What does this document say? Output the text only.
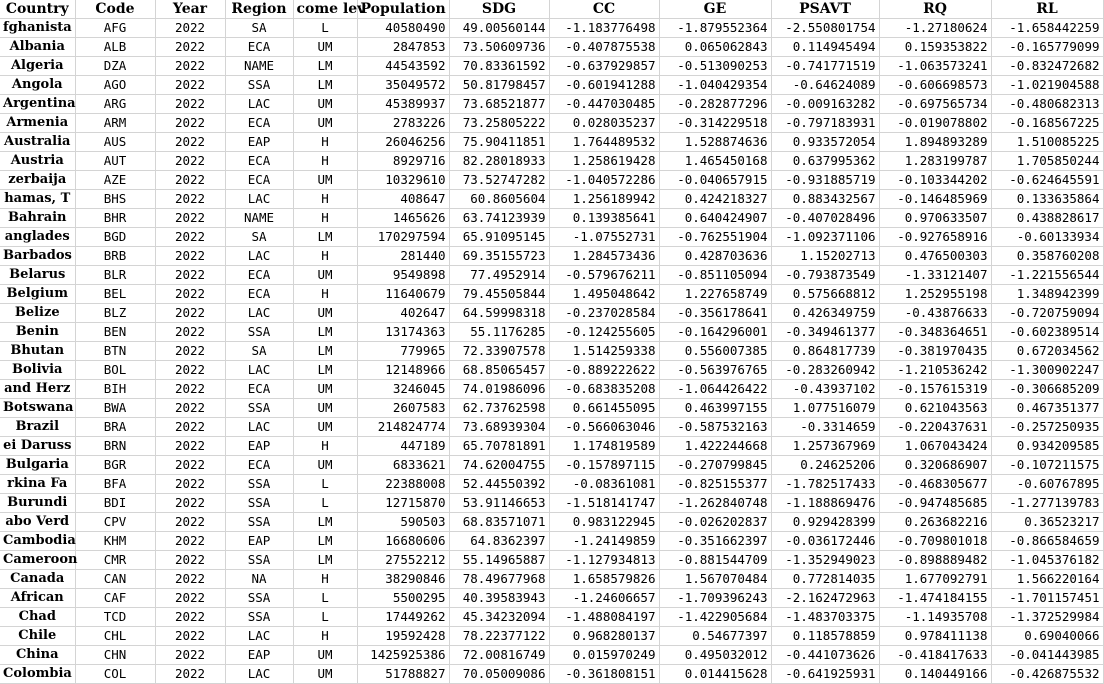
Country	Code	Year	Region	come lev	Population	SDG	CC	GE	PSAVT	RQ	RL
fghanista	AFG	2022	SA	L	40580490	49.00560144	-1.183776498	-1.879552364	-2.550801754	-1.27180624	-1.658442259
Albania	ALB	2022	ECA	UM	2847853	73.50609736	-0.407875538	0.065062843	0.114945494	0.159353822	-0.165779099
Algeria	DZA	2022	NAME	LM	44543592	70.83361592	-0.637929857	-0.513090253	-0.741771519	-1.063573241	-0.832472682
Angola	AGO	2022	SSA	LM	35049572	50.81798457	-0.601941288	-1.040429354	-0.64624089	-0.606698573	-1.021904588
Argentina	ARG	2022	LAC	UM	45389937	73.68521877	-0.447030485	-0.282877296	-0.009163282	-0.697565734	-0.480682313
Armenia	ARM	2022	ECA	UM	2783226	73.25805222	0.028035237	-0.314229518	-0.797183931	-0.019078802	-0.168567225
Australia	AUS	2022	EAP	H	26046256	75.90411851	1.764489532	1.528874636	0.933572054	1.894893289	1.510085225
Austria	AUT	2022	ECA	H	8929716	82.28018933	1.258619428	1.465450168	0.637995362	1.283199787	1.705850244
zerbaija	AZE	2022	ECA	UM	10329610	73.52747282	-1.040572286	-0.040657915	-0.931885719	-0.103344202	-0.624645591
hamas, T	BHS	2022	LAC	H	408647	60.8605604	1.256189942	0.424218327	0.883432567	-0.146485969	0.133635864
Bahrain	BHR	2022	NAME	H	1465626	63.74123939	0.139385641	0.640424907	-0.407028496	0.970633507	0.438828617
anglades	BGD	2022	SA	LM	170297594	65.91095145	-1.07552731	-0.762551904	-1.092371106	-0.927658916	-0.60133934
Barbados	BRB	2022	LAC	H	281440	69.35155723	1.284573436	0.428703636	1.15202713	0.476500303	0.358760208
Belarus	BLR	2022	ECA	UM	9549898	77.4952914	-0.579676211	-0.851105094	-0.793873549	-1.33121407	-1.221556544
Belgium	BEL	2022	ECA	H	11640679	79.45505844	1.495048642	1.227658749	0.575668812	1.252955198	1.348942399
Belize	BLZ	2022	LAC	UM	402647	64.59998318	-0.237028584	-0.356178641	0.426349759	-0.43876633	-0.720759094
Benin	BEN	2022	SSA	LM	13174363	55.1176285	-0.124255605	-0.164296001	-0.349461377	-0.348364651	-0.602389514
Bhutan	BTN	2022	SA	LM	779965	72.33907578	1.514259338	0.556007385	0.864817739	-0.381970435	0.672034562
Bolivia	BOL	2022	LAC	LM	12148966	68.85065457	-0.889222622	-0.563976765	-0.283260942	-1.210536242	-1.300902247
and Herz	BIH	2022	ECA	UM	3246045	74.01986096	-0.683835208	-1.064426422	-0.43937102	-0.157615319	-0.306685209
Botswana	BWA	2022	SSA	UM	2607583	62.73762598	0.661455095	0.463997155	1.077516079	0.621043563	0.467351377
Brazil	BRA	2022	LAC	UM	214824774	73.68939304	-0.566063046	-0.587532163	-0.3314659	-0.220437631	-0.257250935
ei Daruss	BRN	2022	EAP	H	447189	65.70781891	1.174819589	1.422244668	1.257367969	1.067043424	0.934209585
Bulgaria	BGR	2022	ECA	UM	6833621	74.62004755	-0.157897115	-0.270799845	0.24625206	0.320686907	-0.107211575
rkina Fa	BFA	2022	SSA	L	22388008	52.44550392	-0.08361081	-0.825155377	-1.782517433	-0.468305677	-0.60767895
Burundi	BDI	2022	SSA	L	12715870	53.91146653	-1.518141747	-1.262840748	-1.188869476	-0.947485685	-1.277139783
abo Verd	CPV	2022	SSA	LM	590503	68.83571071	0.983122945	-0.026202837	0.929428399	0.263682216	0.36523217
Cambodia	KHM	2022	EAP	LM	16680606	64.8362397	-1.24149859	-0.351662397	-0.036172446	-0.709801018	-0.866584659
Cameroon	CMR	2022	SSA	LM	27552212	55.14965887	-1.127934813	-0.881544709	-1.352949023	-0.898889482	-1.045376182
Canada	CAN	2022	NA	H	38290846	78.49677968	1.658579826	1.567070484	0.772814035	1.677092791	1.566220164
African	CAF	2022	SSA	L	5500295	40.39583943	-1.24606657	-1.709396243	-2.162472963	-1.474184155	-1.701157451
Chad	TCD	2022	SSA	L	17449262	45.34232094	-1.488084197	-1.422905684	-1.483703375	-1.14935708	-1.372529984
Chile	CHL	2022	LAC	H	19592428	78.22377122	0.968280137	0.54677397	0.118578859	0.978411138	0.69040066
China	CHN	2022	EAP	UM	1425925386	72.00816749	0.015970249	0.495032012	-0.441073626	-0.418417633	-0.041443985
Colombia	COL	2022	LAC	UM	51788827	70.05009086	-0.361808151	0.014415628	-0.641925931	0.140449166	-0.426875532
